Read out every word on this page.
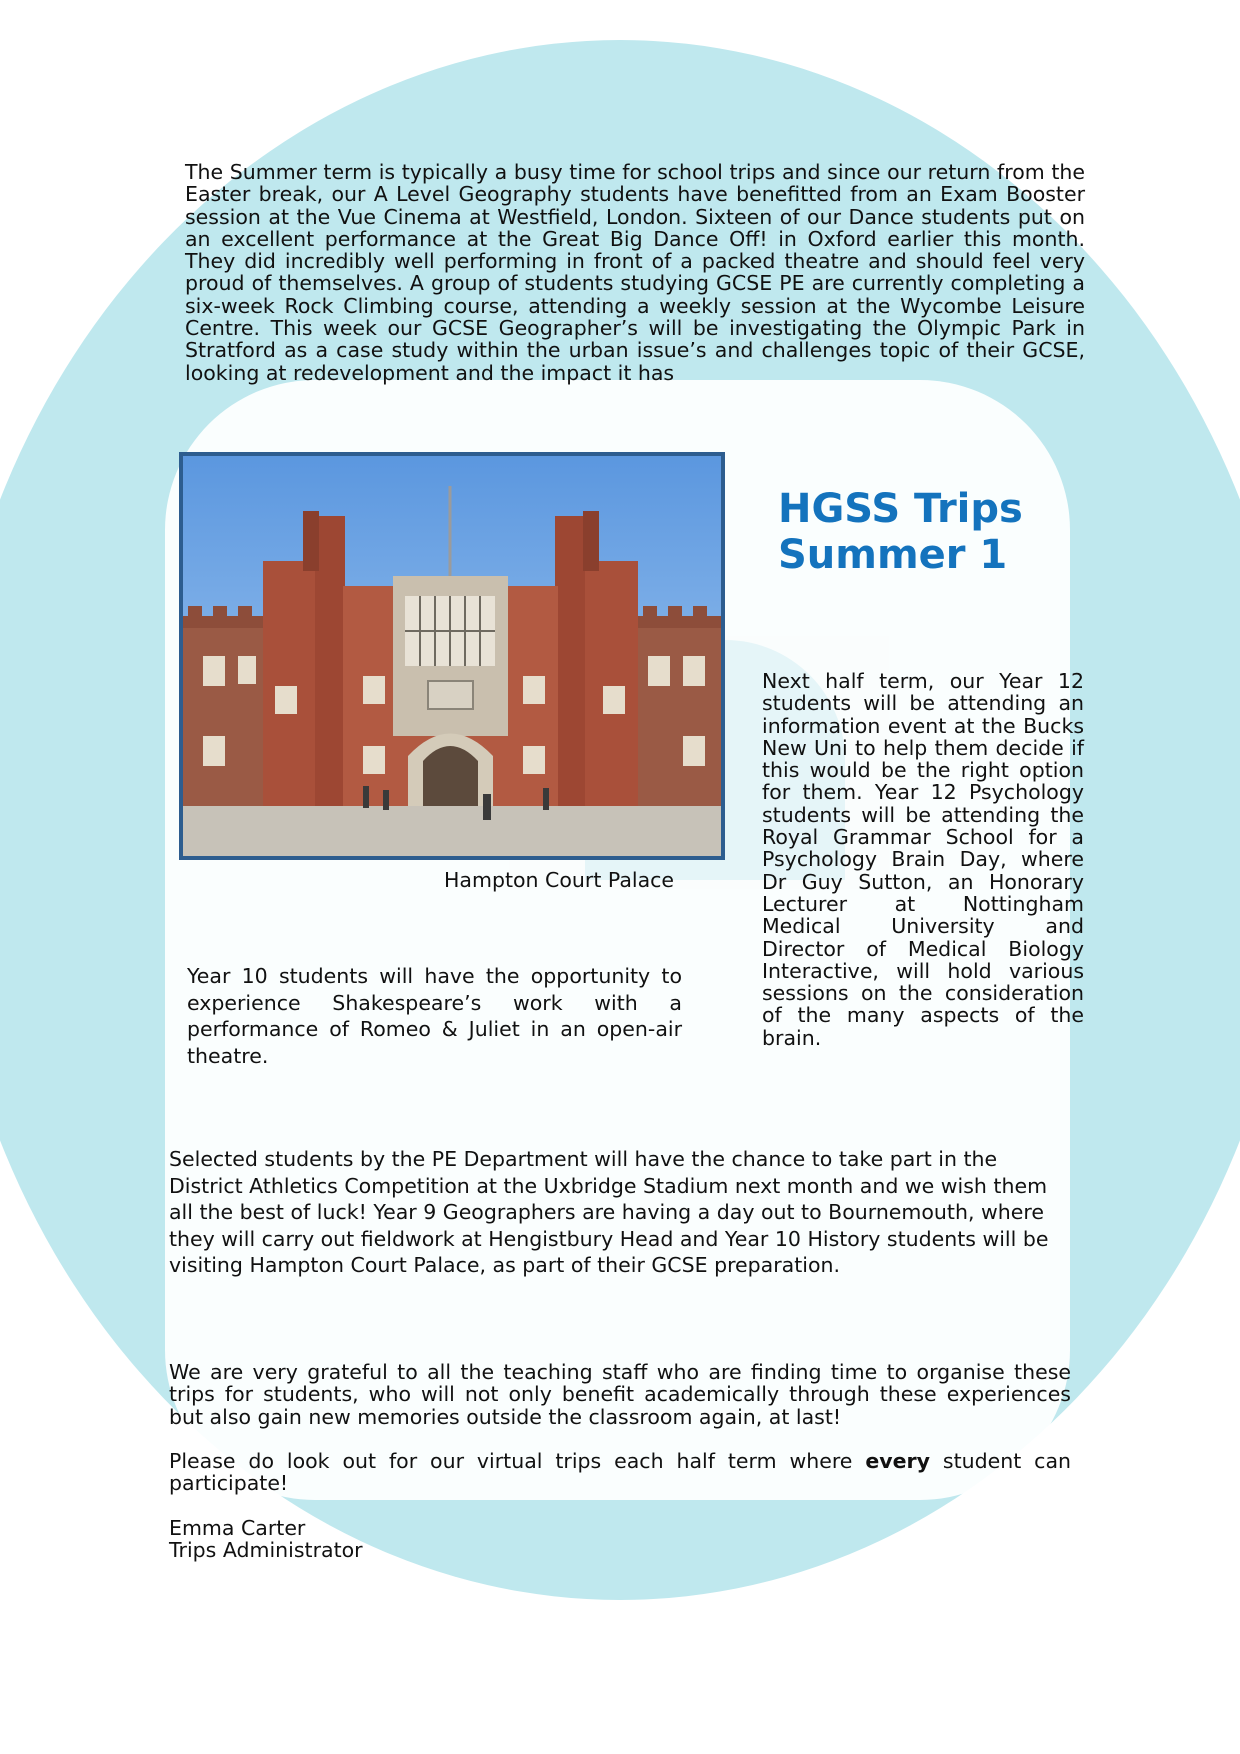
The Summer term is typically a busy time for school trips and since our return from the Easter break, our A Level Geography students have benefitted from an Exam Booster session at the Vue Cinema at Westfield, London. Sixteen of our Dance students put on an excellent performance at the Great Big Dance Off! in Oxford earlier this month. They did incredibly well performing in front of a packed theatre and should feel very proud of themselves. A group of students studying GCSE PE are currently completing a six-week Rock Climbing course, attending a weekly session at the Wycombe Leisure Centre. This week our GCSE Geographer’s will be investigating the Olympic Park in Stratford as a case study within the urban issue’s and challenges topic of their GCSE, looking at redevelopment and the impact it has

Hampton Court Palace
HGSS Trips
Summer 1

Next half term, our Year 12 students will be attending an information event at the Bucks New Uni to help them decide if this would be the right option for them. Year 12 Psychology students will be attending the Royal Grammar School for a Psychology Brain Day, where Dr Guy Sutton, an Honorary Lecturer at Nottingham Medical University and Director of Medical Biology Interactive, will hold various sessions on the consideration of the many aspects of the brain.

Year 10 students will have the opportunity to experience Shakespeare’s work with a performance of Romeo & Juliet in an open-air theatre.

Selected students by the PE Department will have the chance to take part in the District Athletics Competition at the Uxbridge Stadium next month and we wish them all the best of luck! Year 9 Geographers are having a day out to Bournemouth, where they will carry out fieldwork at Hengistbury Head and Year 10 History students will be visiting Hampton Court Palace, as part of their GCSE preparation.

We are very grateful to all the teaching staff who are finding time to organise these trips for students, who will not only benefit academically through these experiences but also gain new memories outside the classroom again, at last!

Please do look out for our virtual trips each half term where every student can participate!

Emma Carter

Trips Administrator
